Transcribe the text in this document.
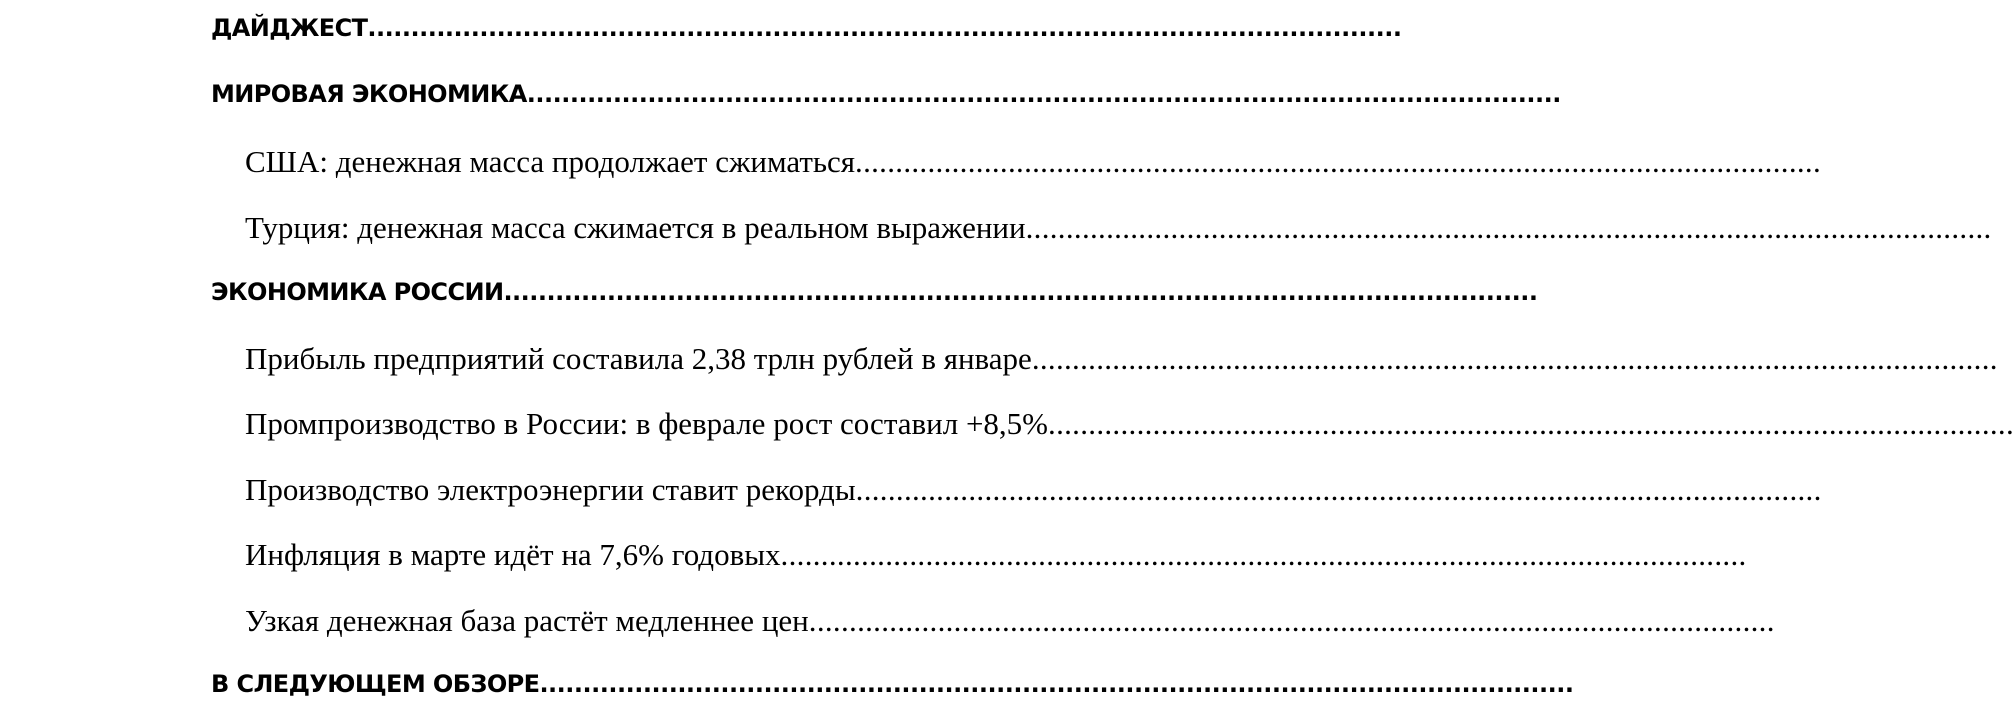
ДАЙДЖЕСТ ........................................................................................................................
МИРОВАЯ ЭКОНОМИКА ........................................................................................................................
США: денежная масса продолжает сжиматься ........................................................................................................................
Турция: денежная масса сжимается в реальном выражении ........................................................................................................................
ЭКОНОМИКА РОССИИ ........................................................................................................................
Прибыль предприятий составила 2,38 трлн рублей в январе ........................................................................................................................
Промпроизводство в России: в феврале рост составил +8,5% ........................................................................................................................
Производство электроэнергии ставит рекорды ........................................................................................................................
Инфляция в марте идёт на 7,6% годовых ........................................................................................................................
Узкая денежная база растёт медленнее цен ........................................................................................................................
В СЛЕДУЮЩЕМ ОБЗОРЕ ........................................................................................................................
